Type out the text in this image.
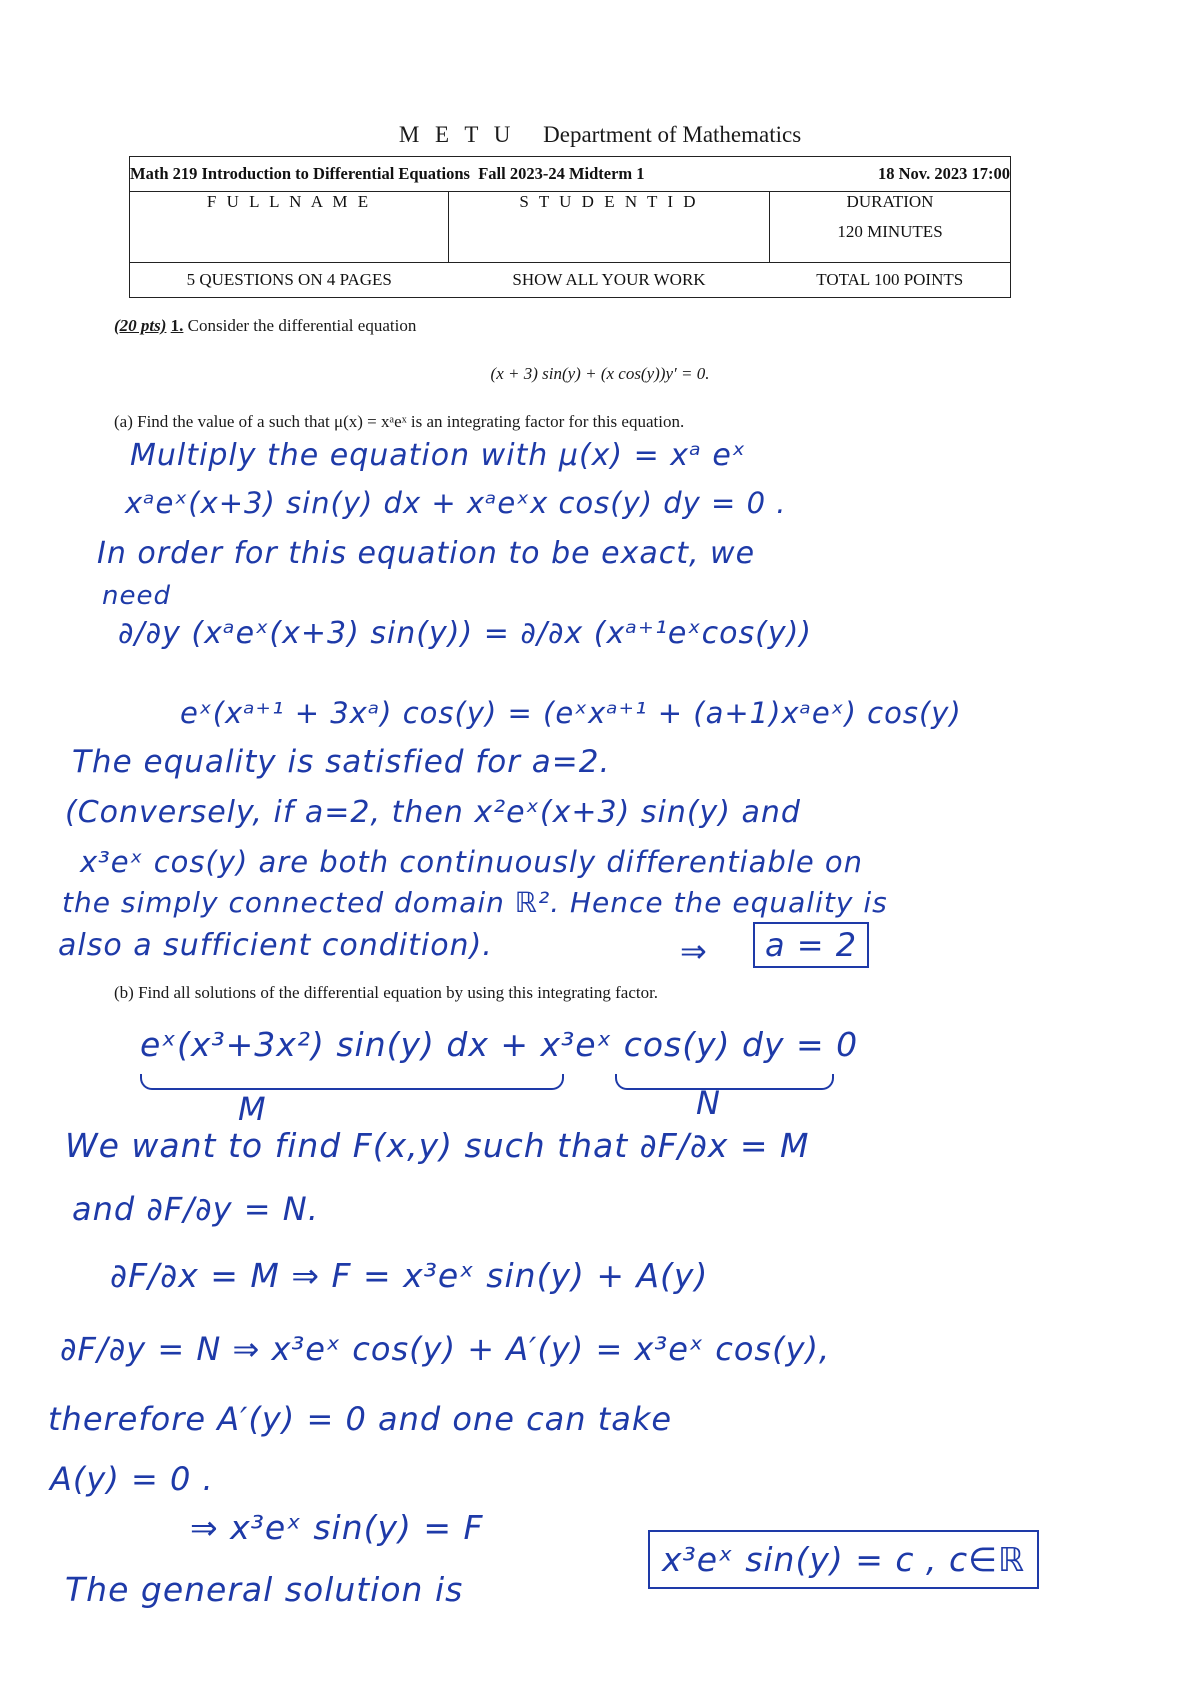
M E T U Department of Mathematics
Math 219 Introduction to Differential Equations Fall 2023-24 Midterm 1		18 Nov. 2023 17:00
F U L L N A M E	S T U D E N T I D	DURATION
120 MINUTES

5 QUESTIONS ON 4 PAGES	SHOW ALL YOUR WORK	TOTAL 100 POINTS
(20 pts) 1. Consider the differential equation
(x + 3) sin(y) + (x cos(y))y′ = 0.
(a) Find the value of a such that μ(x) = xᵃeˣ is an integrating factor for this equation.
Multiply the equation with μ(x) = xᵃ eˣ
xᵃeˣ(x+3) sin(y) dx + xᵃeˣx cos(y) dy = 0 .
In order for this equation to be exact, we
need
∂/∂y (xᵃeˣ(x+3) sin(y)) = ∂/∂x (xᵃ⁺¹eˣcos(y))
eˣ(xᵃ⁺¹ + 3xᵃ) cos(y) = (eˣxᵃ⁺¹ + (a+1)xᵃeˣ) cos(y)
The equality is satisfied for a=2.
(Conversely, if a=2, then x²eˣ(x+3) sin(y) and
x³eˣ cos(y) are both continuously differentiable on
the simply connected domain ℝ². Hence the equality is
also a sufficient condition).	⇒	a = 2
(b) Find all solutions of the differential equation by using this integrating factor.
eˣ(x³+3x²) sin(y) dx + x³eˣ cos(y) dy = 0
M	N
We want to find F(x,y) such that ∂F/∂x = M
and ∂F/∂y = N.
∂F/∂x = M ⇒ F = x³eˣ sin(y) + A(y)
∂F/∂y = N ⇒ x³eˣ cos(y) + A′(y) = x³eˣ cos(y),
therefore A′(y) = 0 and one can take
A(y) = 0 .
⇒ x³eˣ sin(y) = F
The general solution is
x³eˣ sin(y) = c , c∈ℝ
